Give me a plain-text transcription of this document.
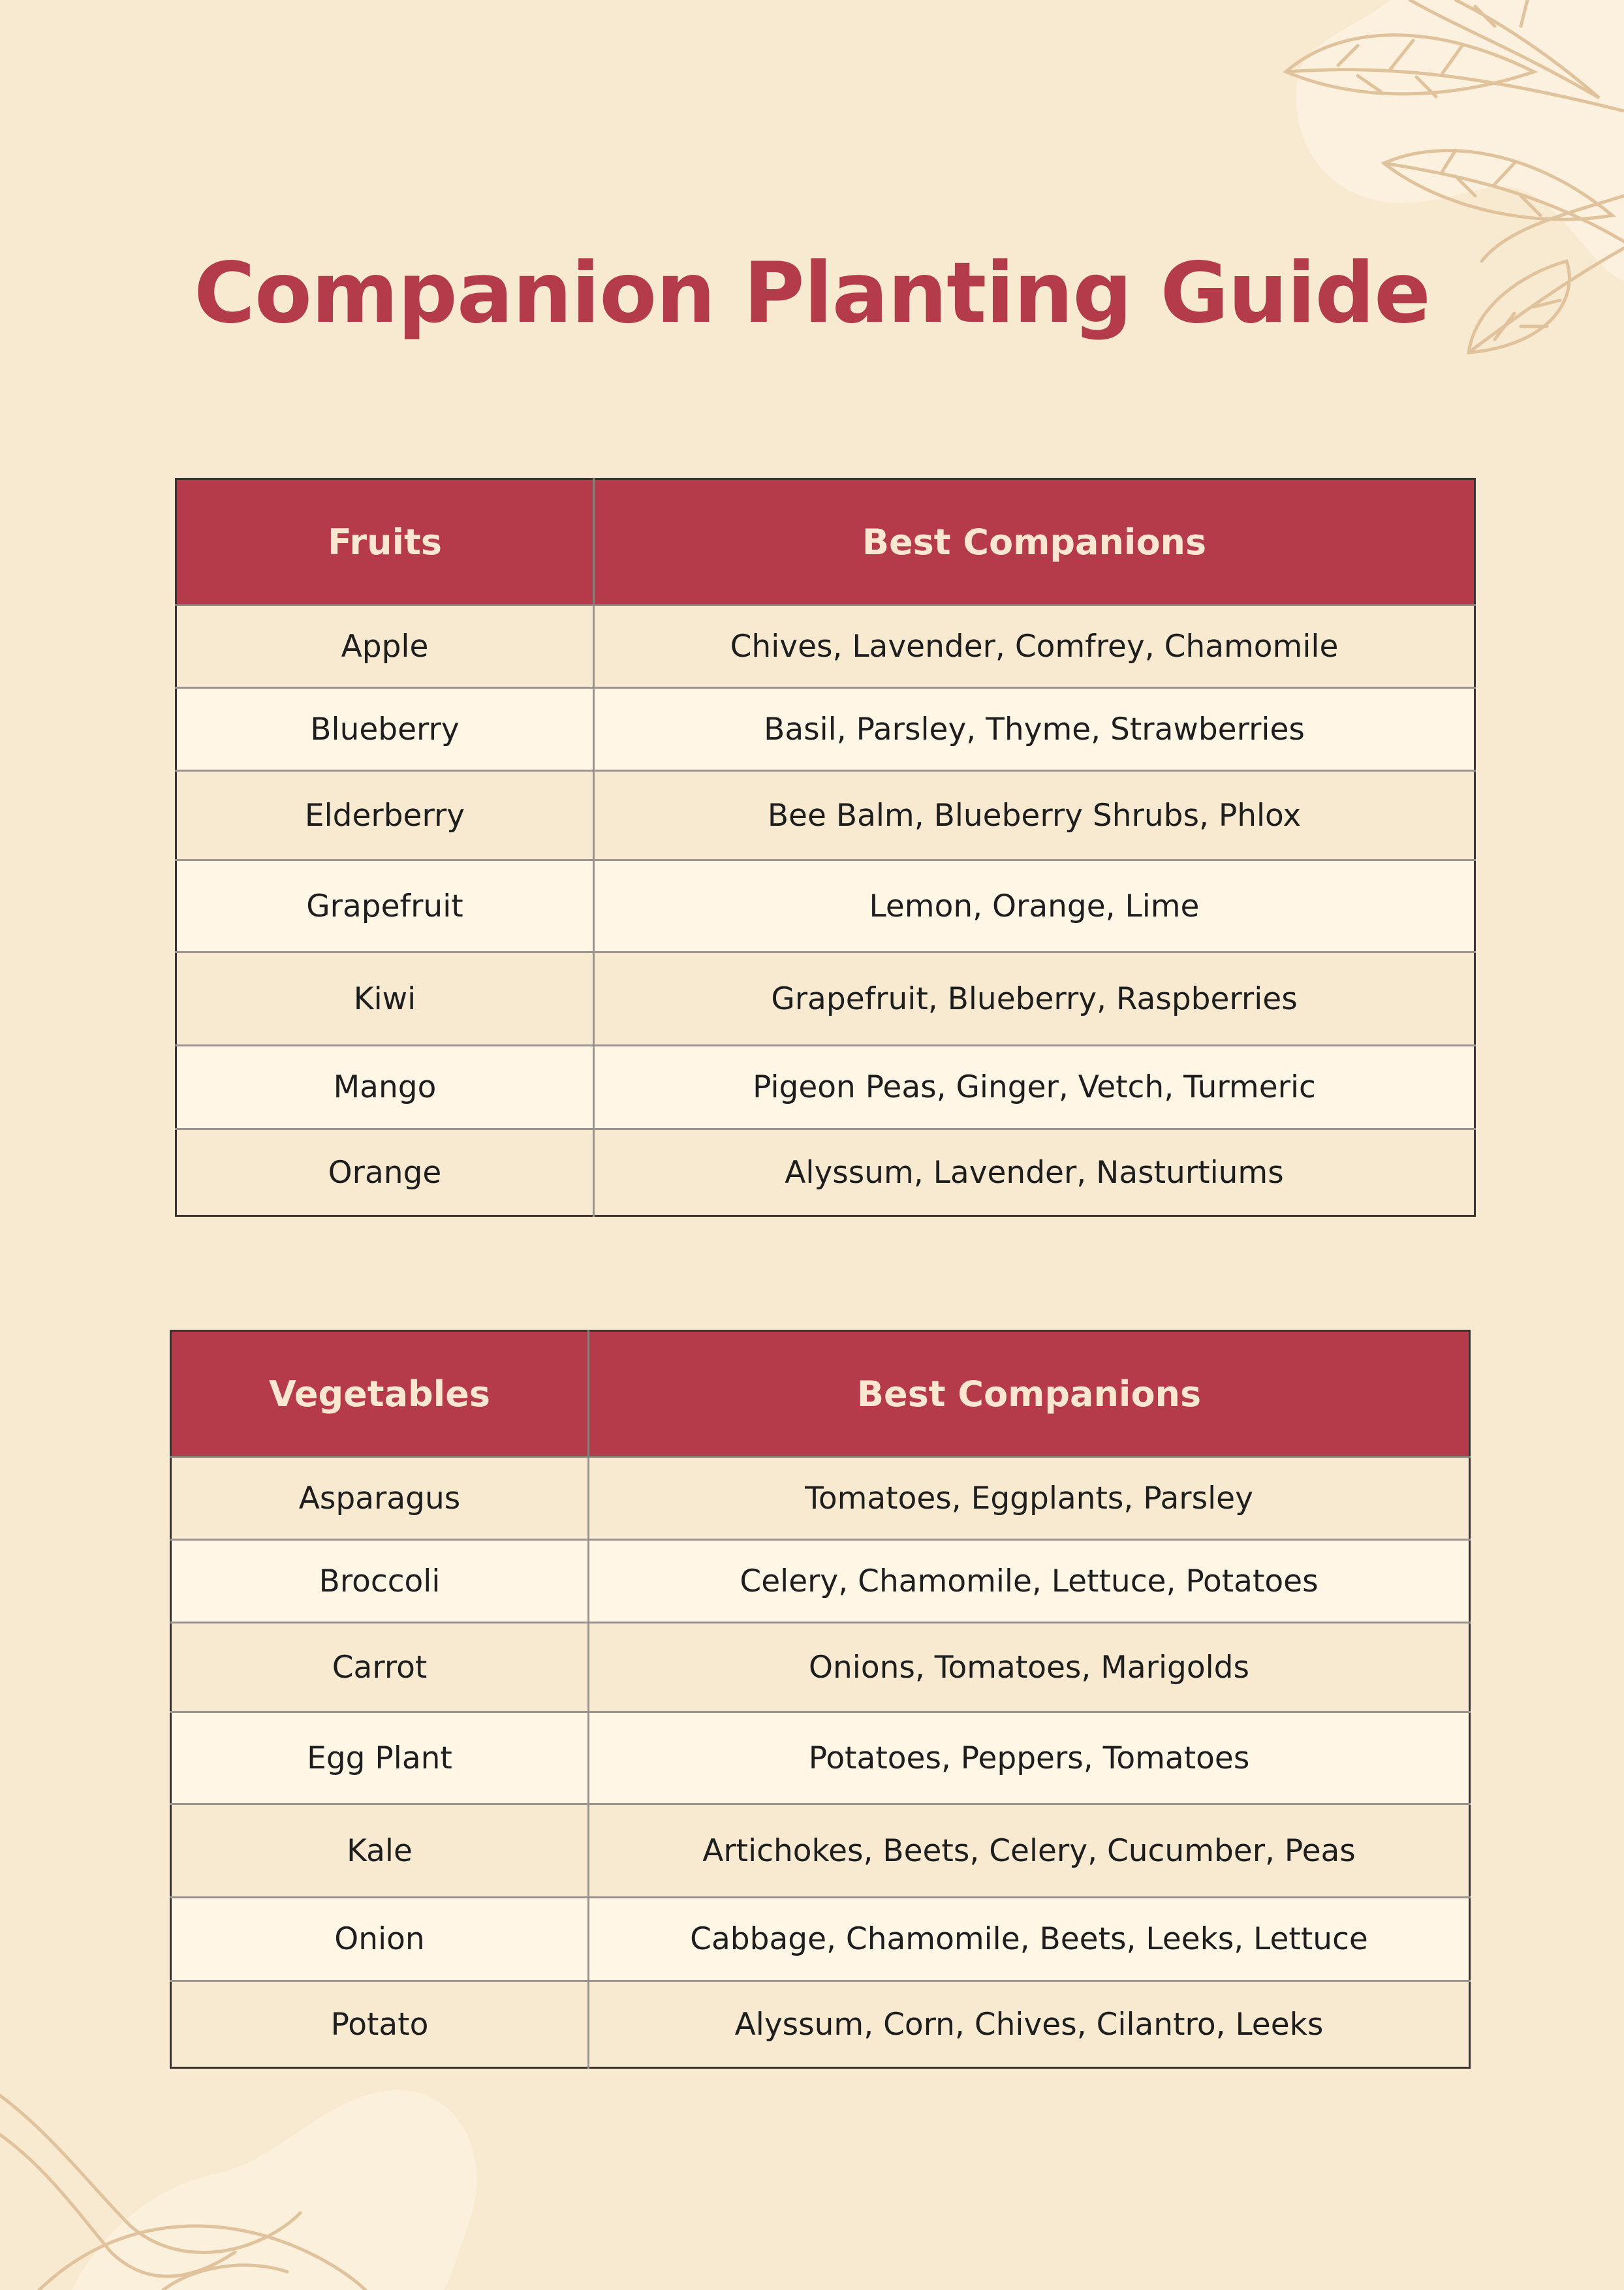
Companion Planting Guide
Fruits	Best Companions
Apple	Chives, Lavender, Comfrey, Chamomile
Blueberry	Basil, Parsley, Thyme, Strawberries
Elderberry	Bee Balm, Blueberry Shrubs, Phlox
Grapefruit	Lemon, Orange, Lime
Kiwi	Grapefruit, Blueberry, Raspberries
Mango	Pigeon Peas, Ginger, Vetch, Turmeric
Orange	Alyssum, Lavender, Nasturtiums
Vegetables	Best Companions
Asparagus	Tomatoes, Eggplants, Parsley
Broccoli	Celery, Chamomile, Lettuce, Potatoes
Carrot	Onions, Tomatoes, Marigolds
Egg Plant	Potatoes, Peppers, Tomatoes
Kale	Artichokes, Beets, Celery, Cucumber, Peas
Onion	Cabbage, Chamomile, Beets, Leeks, Lettuce
Potato	Alyssum, Corn, Chives, Cilantro, Leeks
